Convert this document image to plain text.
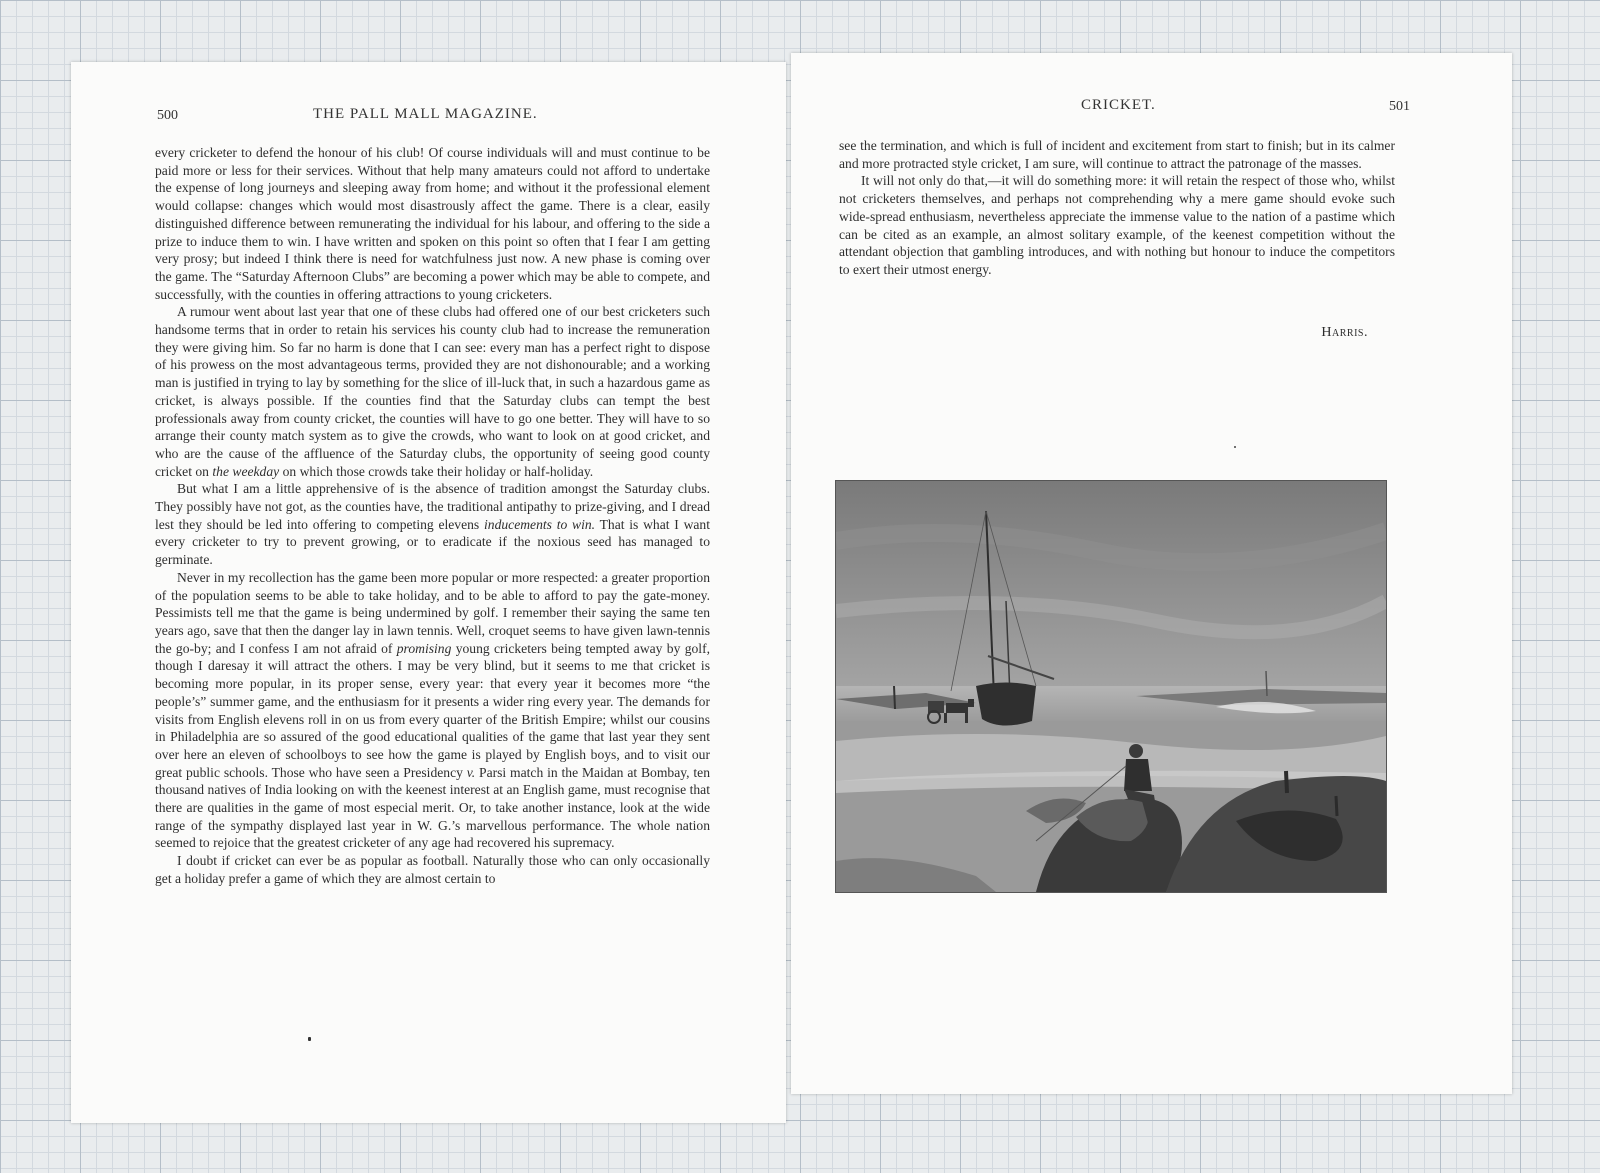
500	THE PALL MALL MAGAZINE.

every cricketer to defend the honour of his club! Of course individuals will and must continue to be paid more or less for their services. Without that help many amateurs could not afford to undertake the expense of long journeys and sleeping away from home; and without it the professional element would collapse: changes which would most disastrously affect the game. There is a clear, easily distinguished difference between remunerating the individual for his labour, and offering to the side a prize to induce them to win. I have written and spoken on this point so often that I fear I am getting very prosy; but indeed I think there is need for watchfulness just now. A new phase is coming over the game. The “Saturday Afternoon Clubs” are becoming a power which may be able to compete, and successfully, with the counties in offering attractions to young cricketers.

A rumour went about last year that one of these clubs had offered one of our best cricketers such handsome terms that in order to retain his services his county club had to increase the remuneration they were giving him. So far no harm is done that I can see: every man has a perfect right to dispose of his prowess on the most advantageous terms, provided they are not dishonourable; and a working man is justified in trying to lay by something for the slice of ill-luck that, in such a hazardous game as cricket, is always possible. If the counties find that the Saturday clubs can tempt the best professionals away from county cricket, the counties will have to go one better. They will have to so arrange their county match system as to give the crowds, who want to look on at good cricket, and who are the cause of the affluence of the Saturday clubs, the opportunity of seeing good county cricket on the weekday on which those crowds take their holiday or half-holiday.

But what I am a little apprehensive of is the absence of tradition amongst the Saturday clubs. They possibly have not got, as the counties have, the traditional antipathy to prize-giving, and I dread lest they should be led into offering to competing elevens inducements to win. That is what I want every cricketer to try to prevent growing, or to eradicate if the noxious seed has managed to germinate.

Never in my recollection has the game been more popular or more respected: a greater proportion of the population seems to be able to take holiday, and to be able to afford to pay the gate-money. Pessimists tell me that the game is being undermined by golf. I remember their saying the same ten years ago, save that then the danger lay in lawn tennis. Well, croquet seems to have given lawn-tennis the go-by; and I confess I am not afraid of promising young cricketers being tempted away by golf, though I daresay it will attract the others. I may be very blind, but it seems to me that cricket is becoming more popular, in its proper sense, every year: that every year it becomes more “the people’s” summer game, and the enthusiasm for it presents a wider ring every year. The demands for visits from English elevens roll in on us from every quarter of the British Empire; whilst our cousins in Philadelphia are so assured of the good educational qualities of the game that last year they sent over here an eleven of schoolboys to see how the game is played by English boys, and to visit our great public schools. Those who have seen a Presidency v. Parsi match in the Maidan at Bombay, ten thousand natives of India looking on with the keenest interest at an English game, must recognise that there are qualities in the game of most especial merit. Or, to take another instance, look at the wide range of the sympathy displayed last year in W. G.’s marvellous performance. The whole nation seemed to rejoice that the greatest cricketer of any age had recovered his supremacy.

I doubt if cricket can ever be as popular as football. Naturally those who can only occasionally get a holiday prefer a game of which they are almost certain to

CRICKET.	501

see the termination, and which is full of incident and excitement from start to finish; but in its calmer and more protracted style cricket, I am sure, will continue to attract the patronage of the masses.

It will not only do that,—it will do something more: it will retain the respect of those who, whilst not cricketers themselves, and perhaps not comprehending why a mere game should evoke such wide-spread enthusiasm, nevertheless appreciate the immense value to the nation of a pastime which can be cited as an example, an almost solitary example, of the keenest competition without the attendant objection that gambling introduces, and with nothing but honour to induce the competitors to exert their utmost energy.

Harris.
